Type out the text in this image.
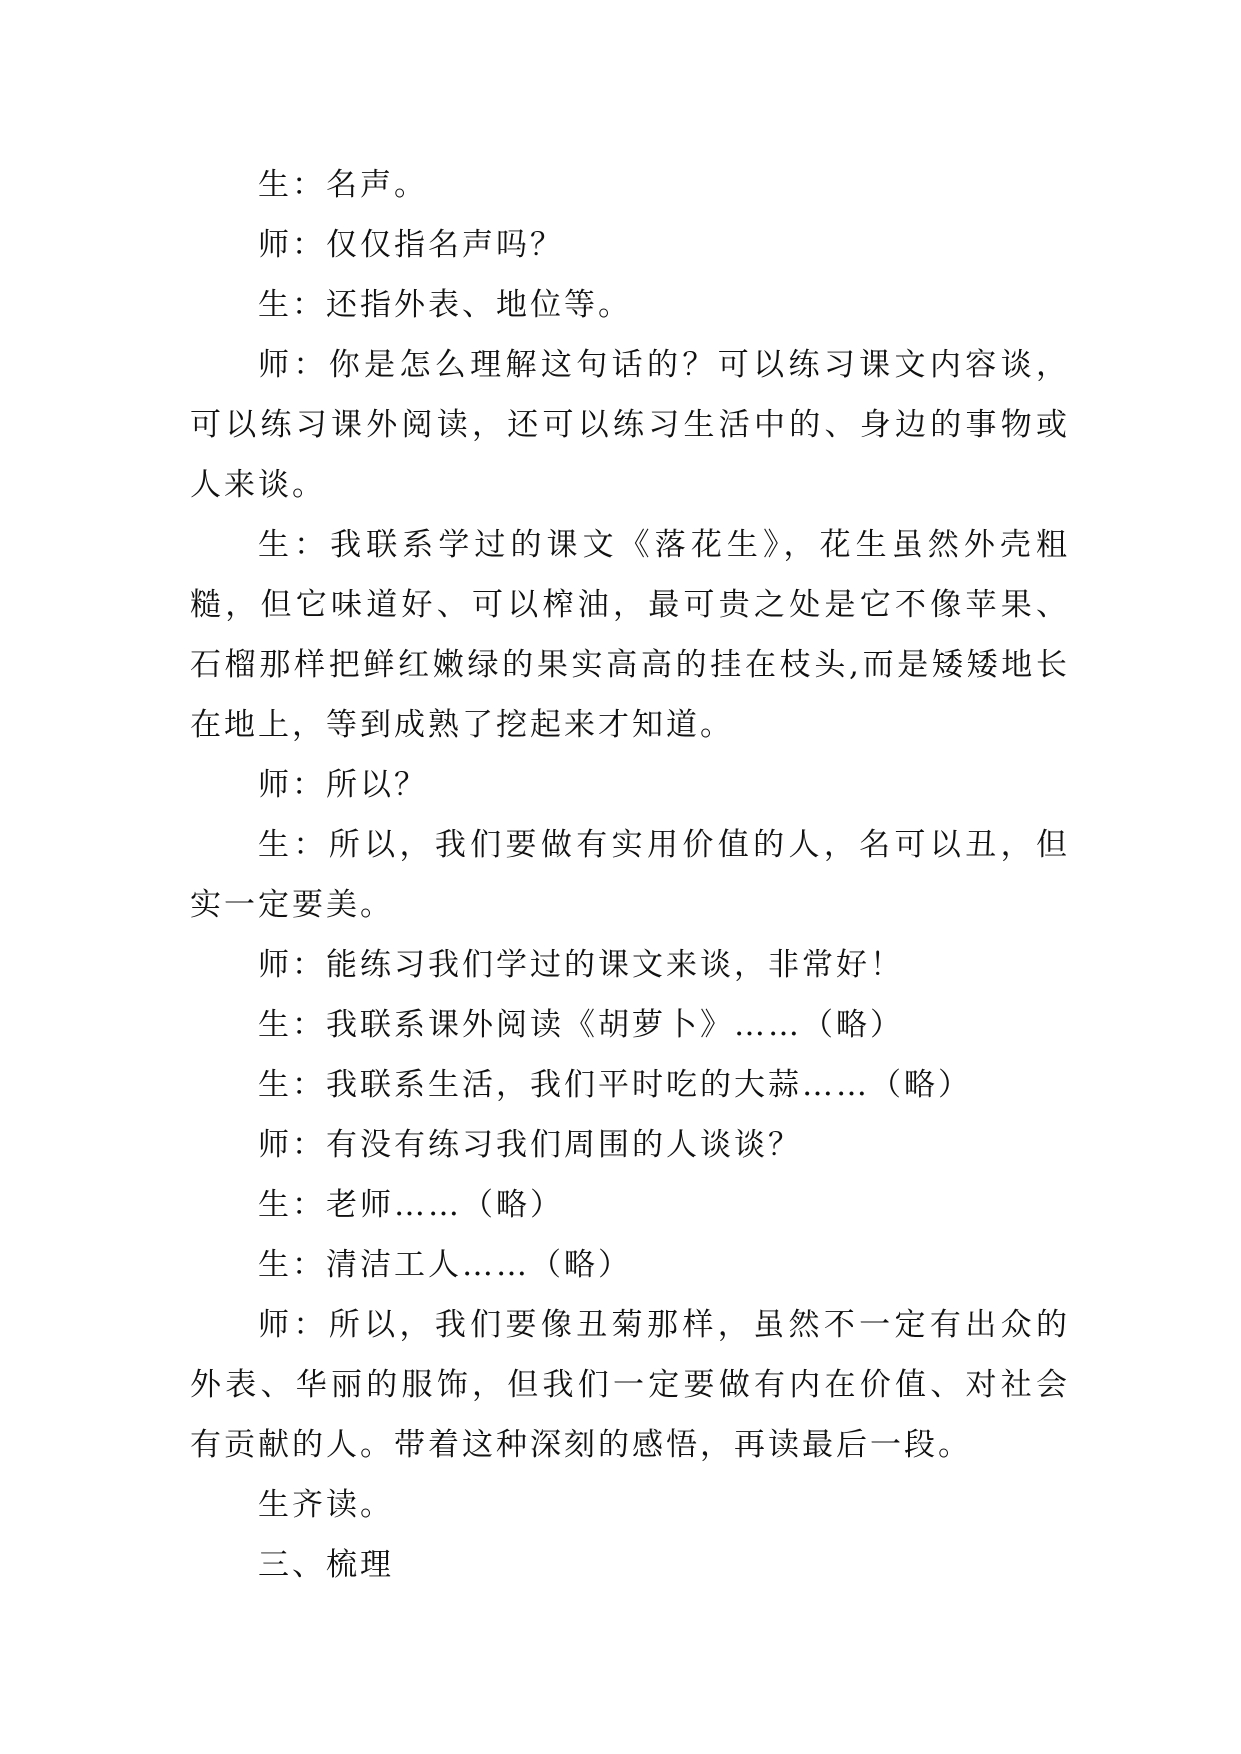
生：名声。

师：仅仅指名声吗？

生：还指外表、地位等。

师：你是怎么理解这句话的？可以练习课文内容谈，可以练习课外阅读，还可以练习生活中的、身边的事物或人来谈。

生：我联系学过的课文《落花生》，花生虽然外壳粗糙，但它味道好、可以榨油，最可贵之处是它不像苹果、石榴那样把鲜红嫩绿的果实高高的挂在枝头,而是矮矮地长在地上，等到成熟了挖起来才知道。

师：所以？

生：所以，我们要做有实用价值的人，名可以丑，但实一定要美。

师：能练习我们学过的课文来谈，非常好！

生：我联系课外阅读《胡萝卜》……（略）

生：我联系生活，我们平时吃的大蒜……（略）

师：有没有练习我们周围的人谈谈？

生：老师……（略）

生：清洁工人……（略）

师：所以，我们要像丑菊那样，虽然不一定有出众的外表、华丽的服饰，但我们一定要做有内在价值、对社会有贡献的人。带着这种深刻的感悟，再读最后一段。

生齐读。

三、梳理
